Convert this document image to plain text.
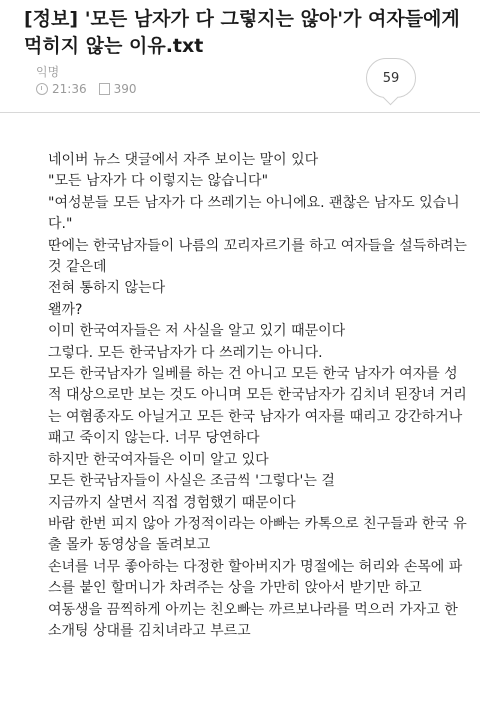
[정보] '모든 남자가 다 그렇지는 않아'가 여자들에게 먹히지 않는 이유.txt
익명
21:36 390
59

네이버 뉴스 댓글에서 자주 보이는 말이 있다

"모든 남자가 다 이렇지는 않습니다"

"여성분들 모든 남자가 다 쓰레기는 아니에요. 괜찮은 남자도 있습니다."

딴에는 한국남자들이 나름의 꼬리자르기를 하고 여자들을 설득하려는 것 같은데

전혀 통하지 않는다

왤까?

이미 한국여자들은 저 사실을 알고 있기 때문이다

그렇다. 모든 한국남자가 다 쓰레기는 아니다.

모든 한국남자가 일베를 하는 건 아니고 모든 한국 남자가 여자를 성적 대상으로만 보는 것도 아니며 모든 한국남자가 김치녀 된장녀 거리는 여혐종자도 아닐거고 모든 한국 남자가 여자를 때리고 강간하거나 패고 죽이지 않는다. 너무 당연하다

하지만 한국여자들은 이미 알고 있다

모든 한국남자들이 사실은 조금씩 '그렇다'는 걸

지금까지 살면서 직접 경험했기 때문이다

바람 한번 피지 않아 가정적이라는 아빠는 카톡으로 친구들과 한국 유출 몰카 동영상을 돌려보고

손녀를 너무 좋아하는 다정한 할아버지가 명절에는 허리와 손목에 파스를 붙인 할머니가 차려주는 상을 가만히 앉아서 받기만 하고

여동생을 끔찍하게 아끼는 친오빠는 까르보나라를 먹으러 가자고 한 소개팅 상대를 김치녀라고 부르고
